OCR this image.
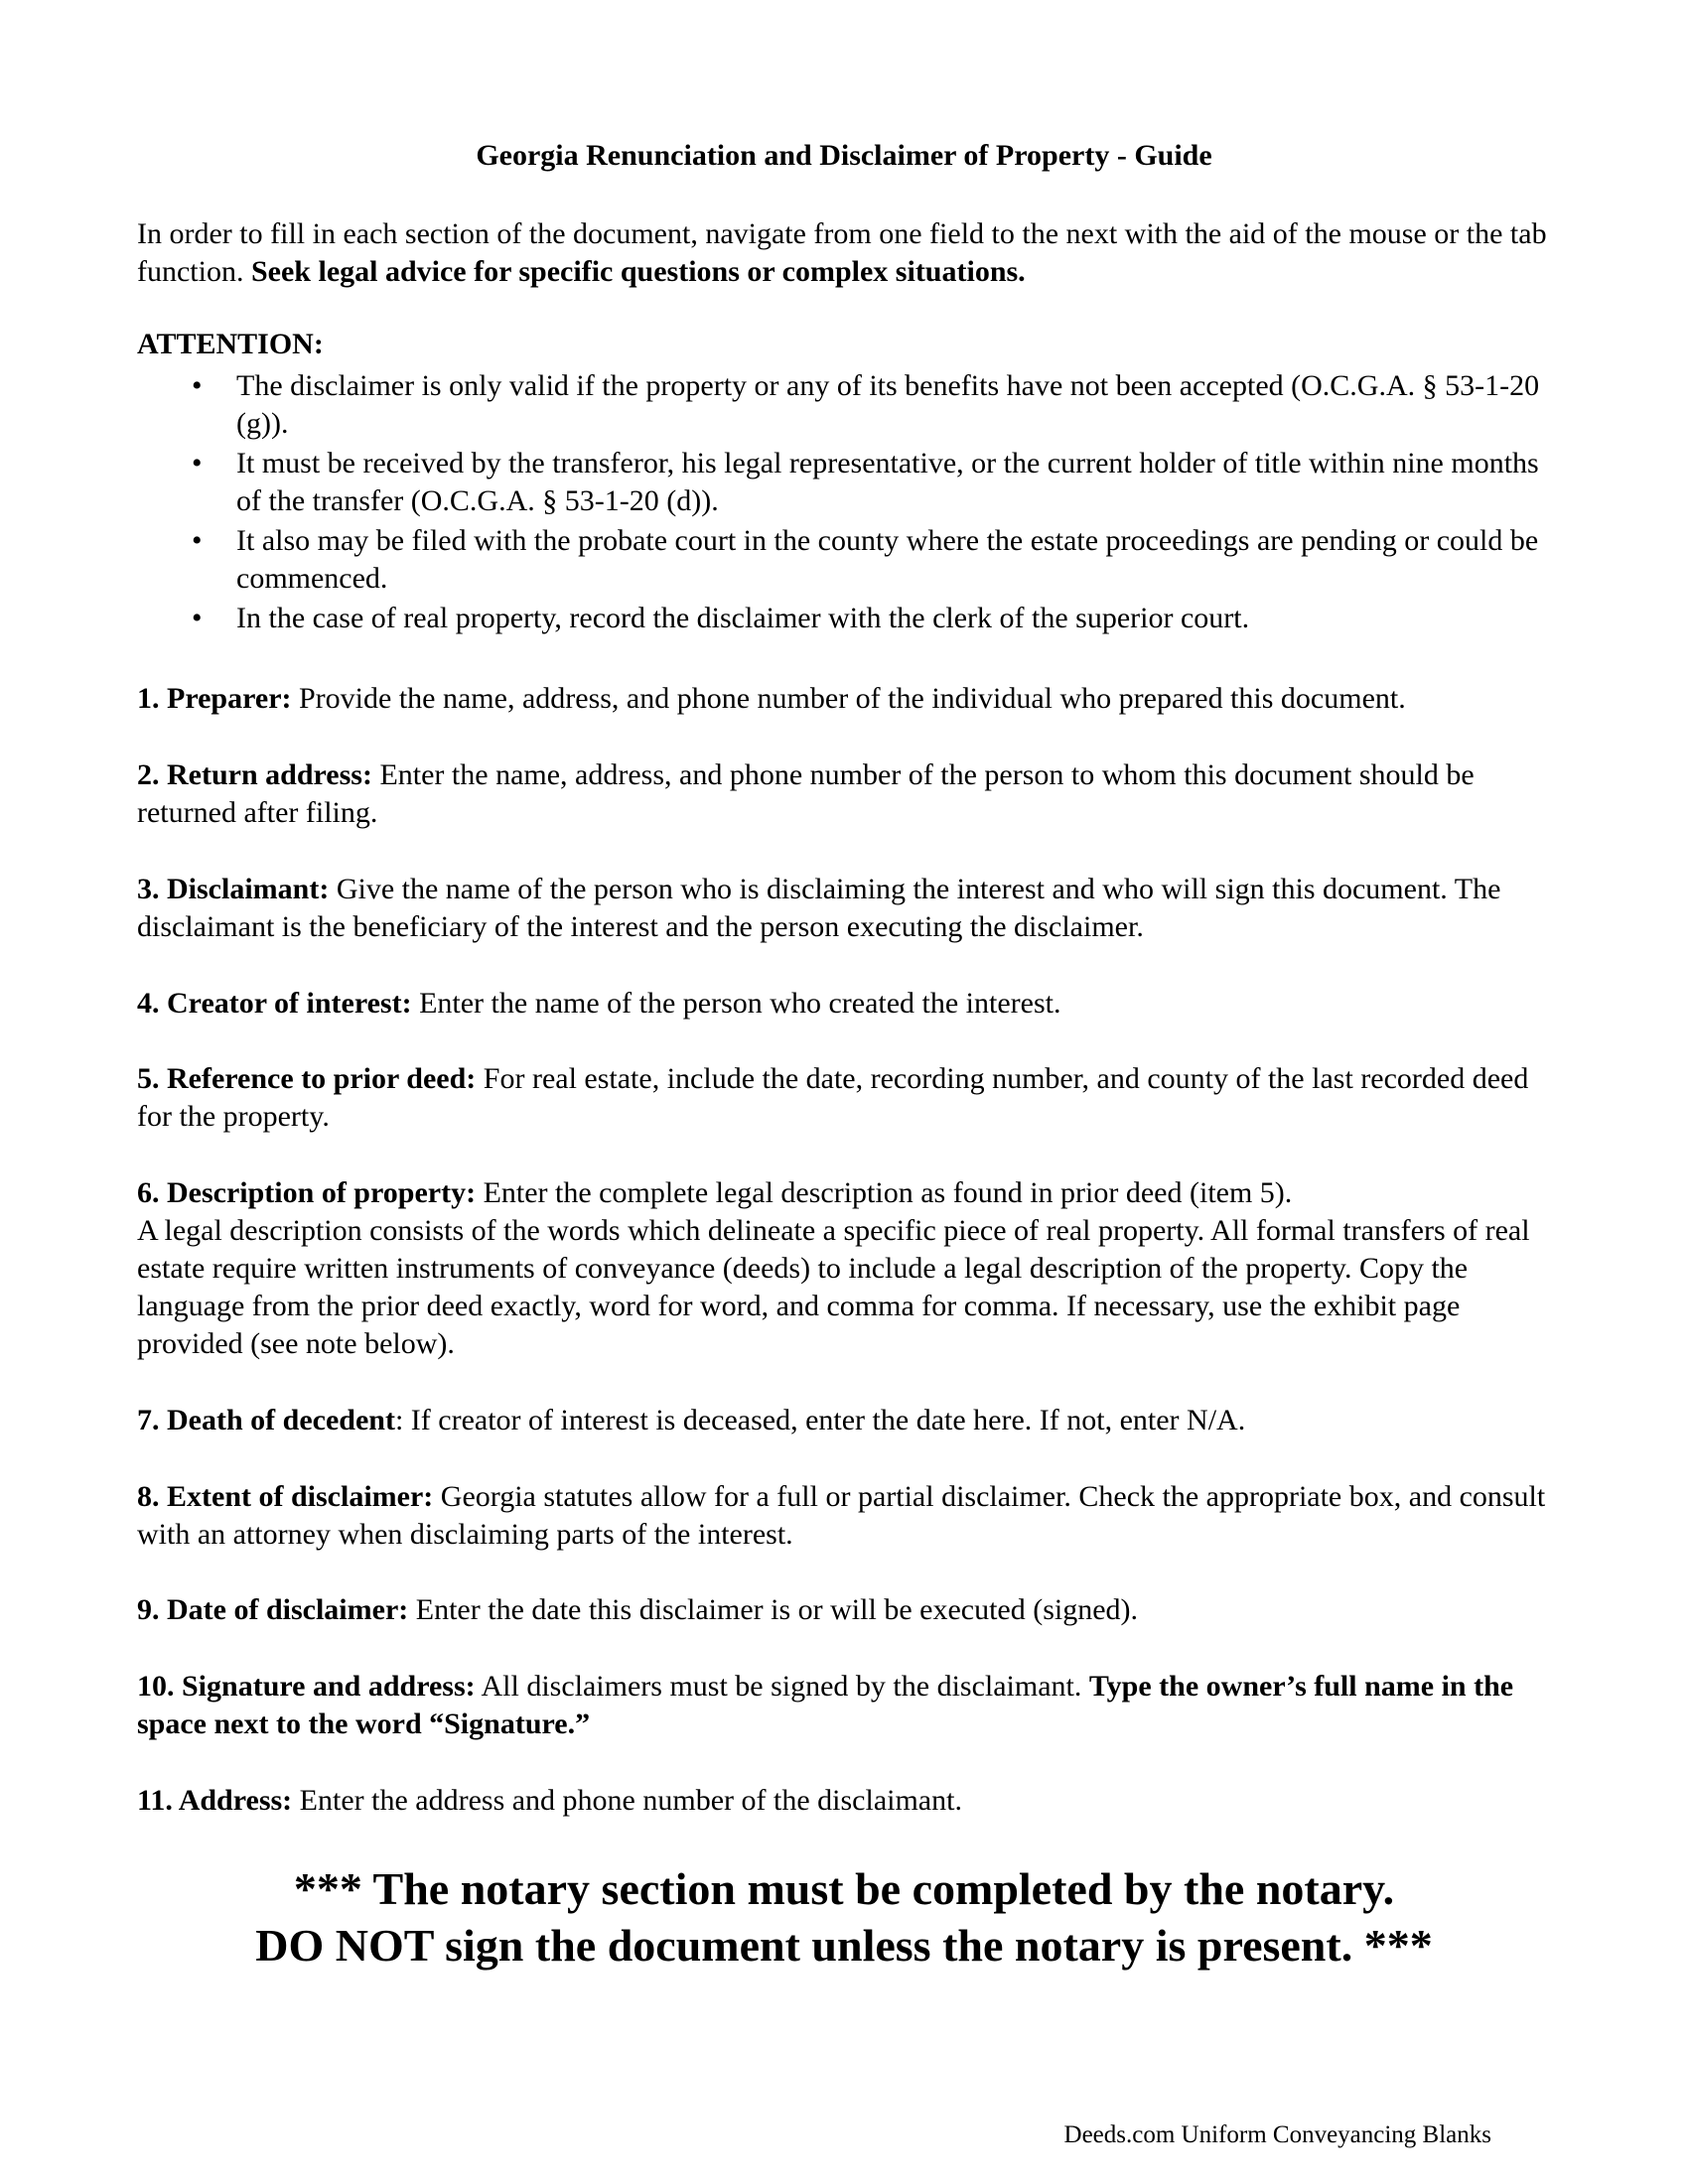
Georgia Renunciation and Disclaimer of Property - Guide
In order to fill in each section of the document, navigate from one field to the next with the aid of the mouse or the tab function. Seek legal advice for specific questions or complex situations.
ATTENTION:
• The disclaimer is only valid if the property or any of its benefits have not been accepted (O.C.G.A. § 53-1-20 (g)).
• It must be received by the transferor, his legal representative, or the current holder of title within nine months of the transfer (O.C.G.A. § 53-1-20 (d)).
• It also may be filed with the probate court in the county where the estate proceedings are pending or could be commenced.
• In the case of real property, record the disclaimer with the clerk of the superior court.
1. Preparer: Provide the name, address, and phone number of the individual who prepared this document.
2. Return address: Enter the name, address, and phone number of the person to whom this document should be returned after filing.
3. Disclaimant: Give the name of the person who is disclaiming the interest and who will sign this document. The disclaimant is the beneficiary of the interest and the person executing the disclaimer.
4. Creator of interest: Enter the name of the person who created the interest.
5. Reference to prior deed: For real estate, include the date, recording number, and county of the last recorded deed for the property.
6. Description of property: Enter the complete legal description as found in prior deed (item 5).
A legal description consists of the words which delineate a specific piece of real property. All formal transfers of real estate require written instruments of conveyance (deeds) to include a legal description of the property. Copy the language from the prior deed exactly, word for word, and comma for comma. If necessary, use the exhibit page provided (see note below).
7. Death of decedent: If creator of interest is deceased, enter the date here. If not, enter N/A.
8. Extent of disclaimer: Georgia statutes allow for a full or partial disclaimer. Check the appropriate box, and consult with an attorney when disclaiming parts of the interest.
9. Date of disclaimer: Enter the date this disclaimer is or will be executed (signed).
10. Signature and address: All disclaimers must be signed by the disclaimant. Type the owner’s full name in the space next to the word “Signature.”
11. Address: Enter the address and phone number of the disclaimant.
*** The notary section must be completed by the notary.
DO NOT sign the document unless the notary is present. ***
Deeds.com Uniform Conveyancing Blanks
